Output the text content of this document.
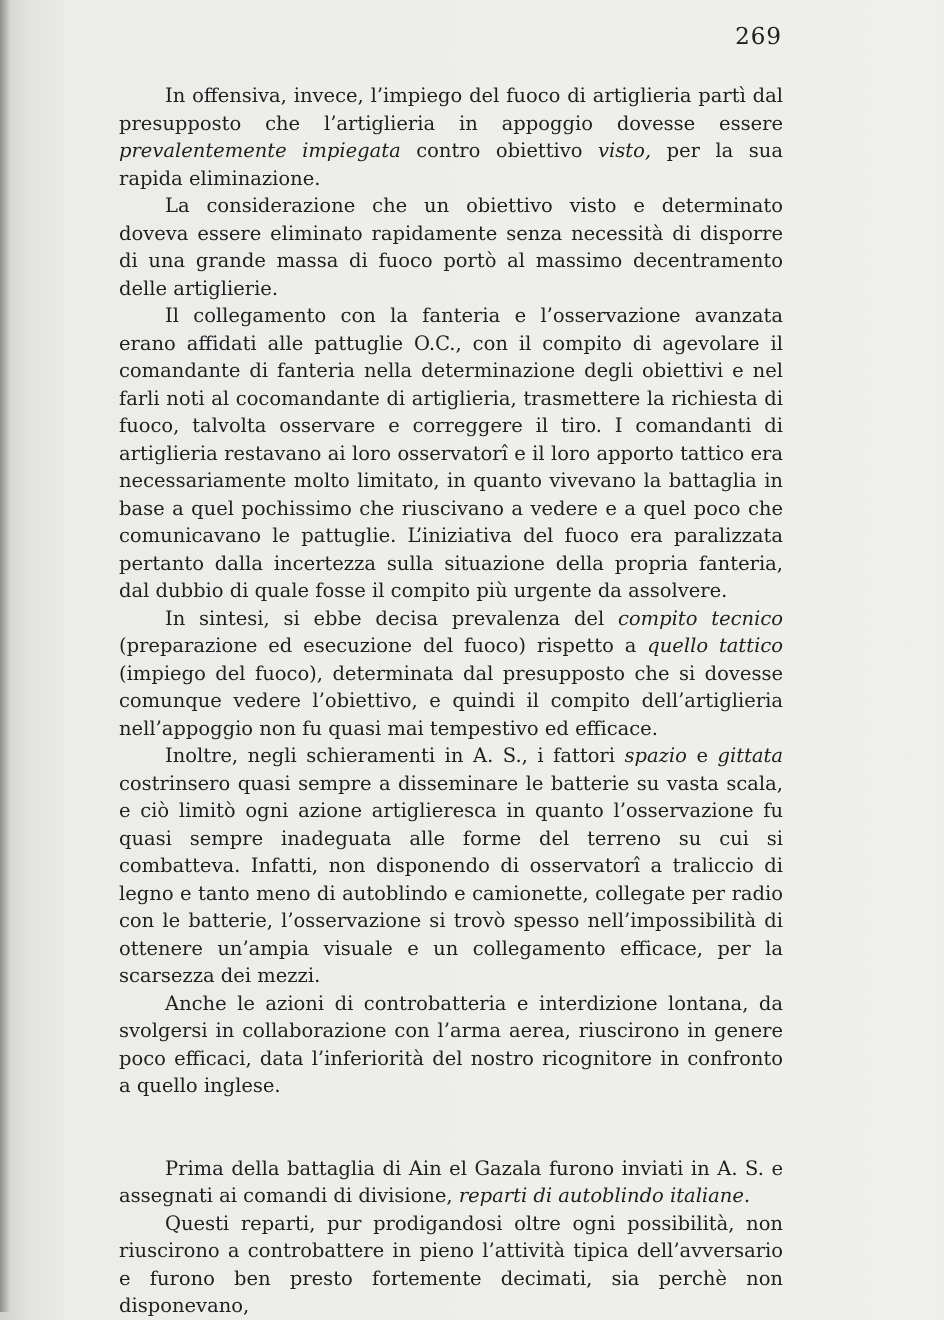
269

In offensiva, invece, l’impiego del fuoco di artiglieria partì dal presupposto che l’artiglieria in appoggio dovesse essere prevalentemente impiegata contro obiettivo visto, per la sua rapida eliminazione.

La considerazione che un obiettivo visto e determinato doveva essere eliminato rapidamente senza necessità di disporre di una grande massa di fuoco portò al massimo decentramento delle artiglierie.

Il collegamento con la fanteria e l’osservazione avanzata erano affidati alle pattuglie O.C., con il compito di agevolare il comandante di fanteria nella determinazione degli obiettivi e nel farli noti al cocomandante di artiglieria, trasmettere la richiesta di fuoco, talvolta osservare e correggere il tiro. I comandanti di artiglieria restavano ai loro osservatorî e il loro apporto tattico era necessariamente molto limitato, in quanto vivevano la battaglia in base a quel pochissimo che riuscivano a vedere e a quel poco che comunicavano le pattuglie. L’iniziativa del fuoco era paralizzata pertanto dalla incertezza sulla situazione della propria fanteria, dal dubbio di quale fosse il compito più urgente da assolvere.

In sintesi, si ebbe decisa prevalenza del compito tecnico (preparazione ed esecuzione del fuoco) rispetto a quello tattico (impiego del fuoco), determinata dal presupposto che si dovesse comunque vedere l’obiettivo, e quindi il compito dell’artiglieria nell’appoggio non fu quasi mai tempestivo ed efficace.

Inoltre, negli schieramenti in A. S., i fattori spazio e gittata costrinsero quasi sempre a disseminare le batterie su vasta scala, e ciò limitò ogni azione artiglieresca in quanto l’osservazione fu quasi sempre inadeguata alle forme del terreno su cui si combatteva. Infatti, non disponendo di osservatorî a traliccio di legno e tanto meno di autoblindo e camionette, collegate per radio con le batterie, l’osservazione si trovò spesso nell’impossibilità di ottenere un’ampia visuale e un collegamento efficace, per la scarsezza dei mezzi.

Anche le azioni di controbatteria e interdizione lontana, da svolgersi in collaborazione con l’arma aerea, riuscirono in genere poco efficaci, data l’inferiorità del nostro ricognitore in confronto a quello inglese.

Prima della battaglia di Ain el Gazala furono inviati in A. S. e assegnati ai comandi di divisione, reparti di autoblindo italiane.

Questi reparti, pur prodigandosi oltre ogni possibilità, non riuscirono a controbattere in pieno l’attività tipica dell’avversario e furono ben presto fortemente decimati, sia perchè non disponevano,
